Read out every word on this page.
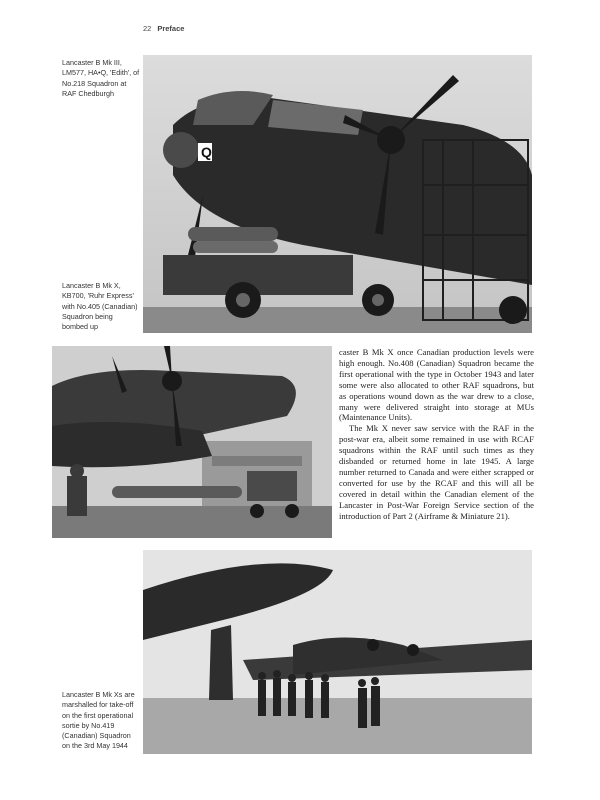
22 Preface
Lancaster B Mk III, LM577, HA•Q, 'Edith', of No.218 Squadron at RAF Chedburgh
Q
Lancaster B Mk X, KB700, 'Ruhr Express' with No.405 (Canadian) Squadron being bombed up

caster B Mk X once Canadian production levels were high enough. No.408 (Canadian) Squadron became the first operational with the type in October 1943 and later some were also allocated to other RAF squadrons, but as operations wound down as the war drew to a close, many were delivered straight into storage at MUs (Maintenance Units).

The Mk X never saw service with the RAF in the post-war era, albeit some remained in use with RCAF squadrons within the RAF until such times as they disbanded or returned home in late 1945. A large number returned to Canada and were either scrapped or converted for use by the RCAF and this will all be covered in detail within the Canadian element of the Lancaster in Post-War Foreign Service section of the introduction of Part 2 (Airframe & Miniature 21).

Lancaster B Mk Xs are marshalled for take-off on the first operational sortie by No.419 (Canadian) Squadron on the 3rd May 1944
